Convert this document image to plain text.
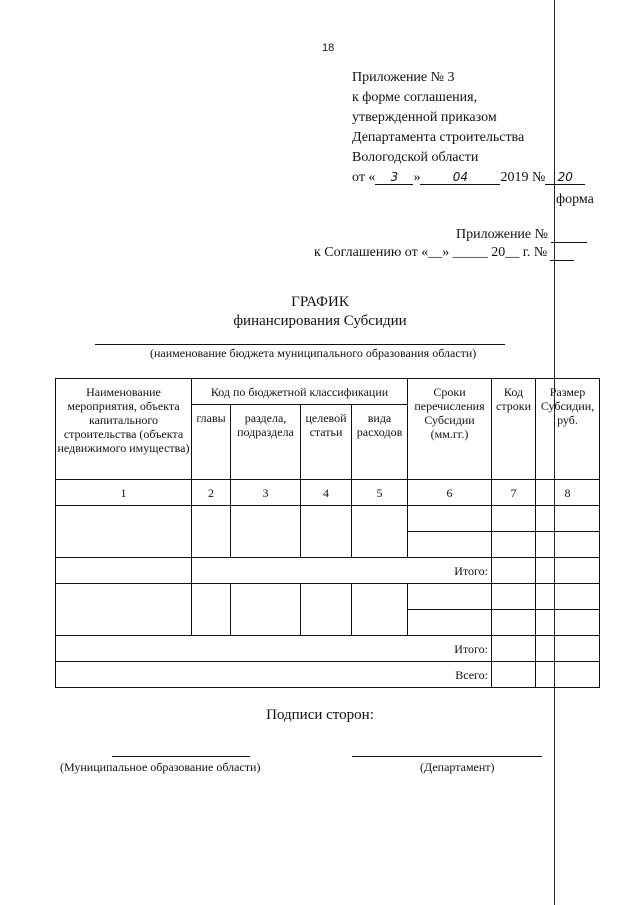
18
Приложение № 3
к форме соглашения,
утвержденной приказом
Департамента строительства
Вологодской области
от « 3 »	04 2019 № 20
форма
Приложение №
к Соглашению от «__» _____ 20__ г. №
ГРАФИК
финансирования Субсидии
(наименование бюджета муниципального образования области)
Наименование мероприятия, объекта капитального строительства (объекта недвижимого имущества)	Код по бюджетной классификации				Сроки перечисления Субсидии (мм.гг.)	Код строки	Размер Субсидии, руб.
	главы	раздела, подраздела	целевой статьи	вида расходов			
1	2	3	4	5	6	7	8

	Итого:						

Итого:							
Всего:							
Подписи сторон:
(Муниципальное образование области)	(Департамент)
